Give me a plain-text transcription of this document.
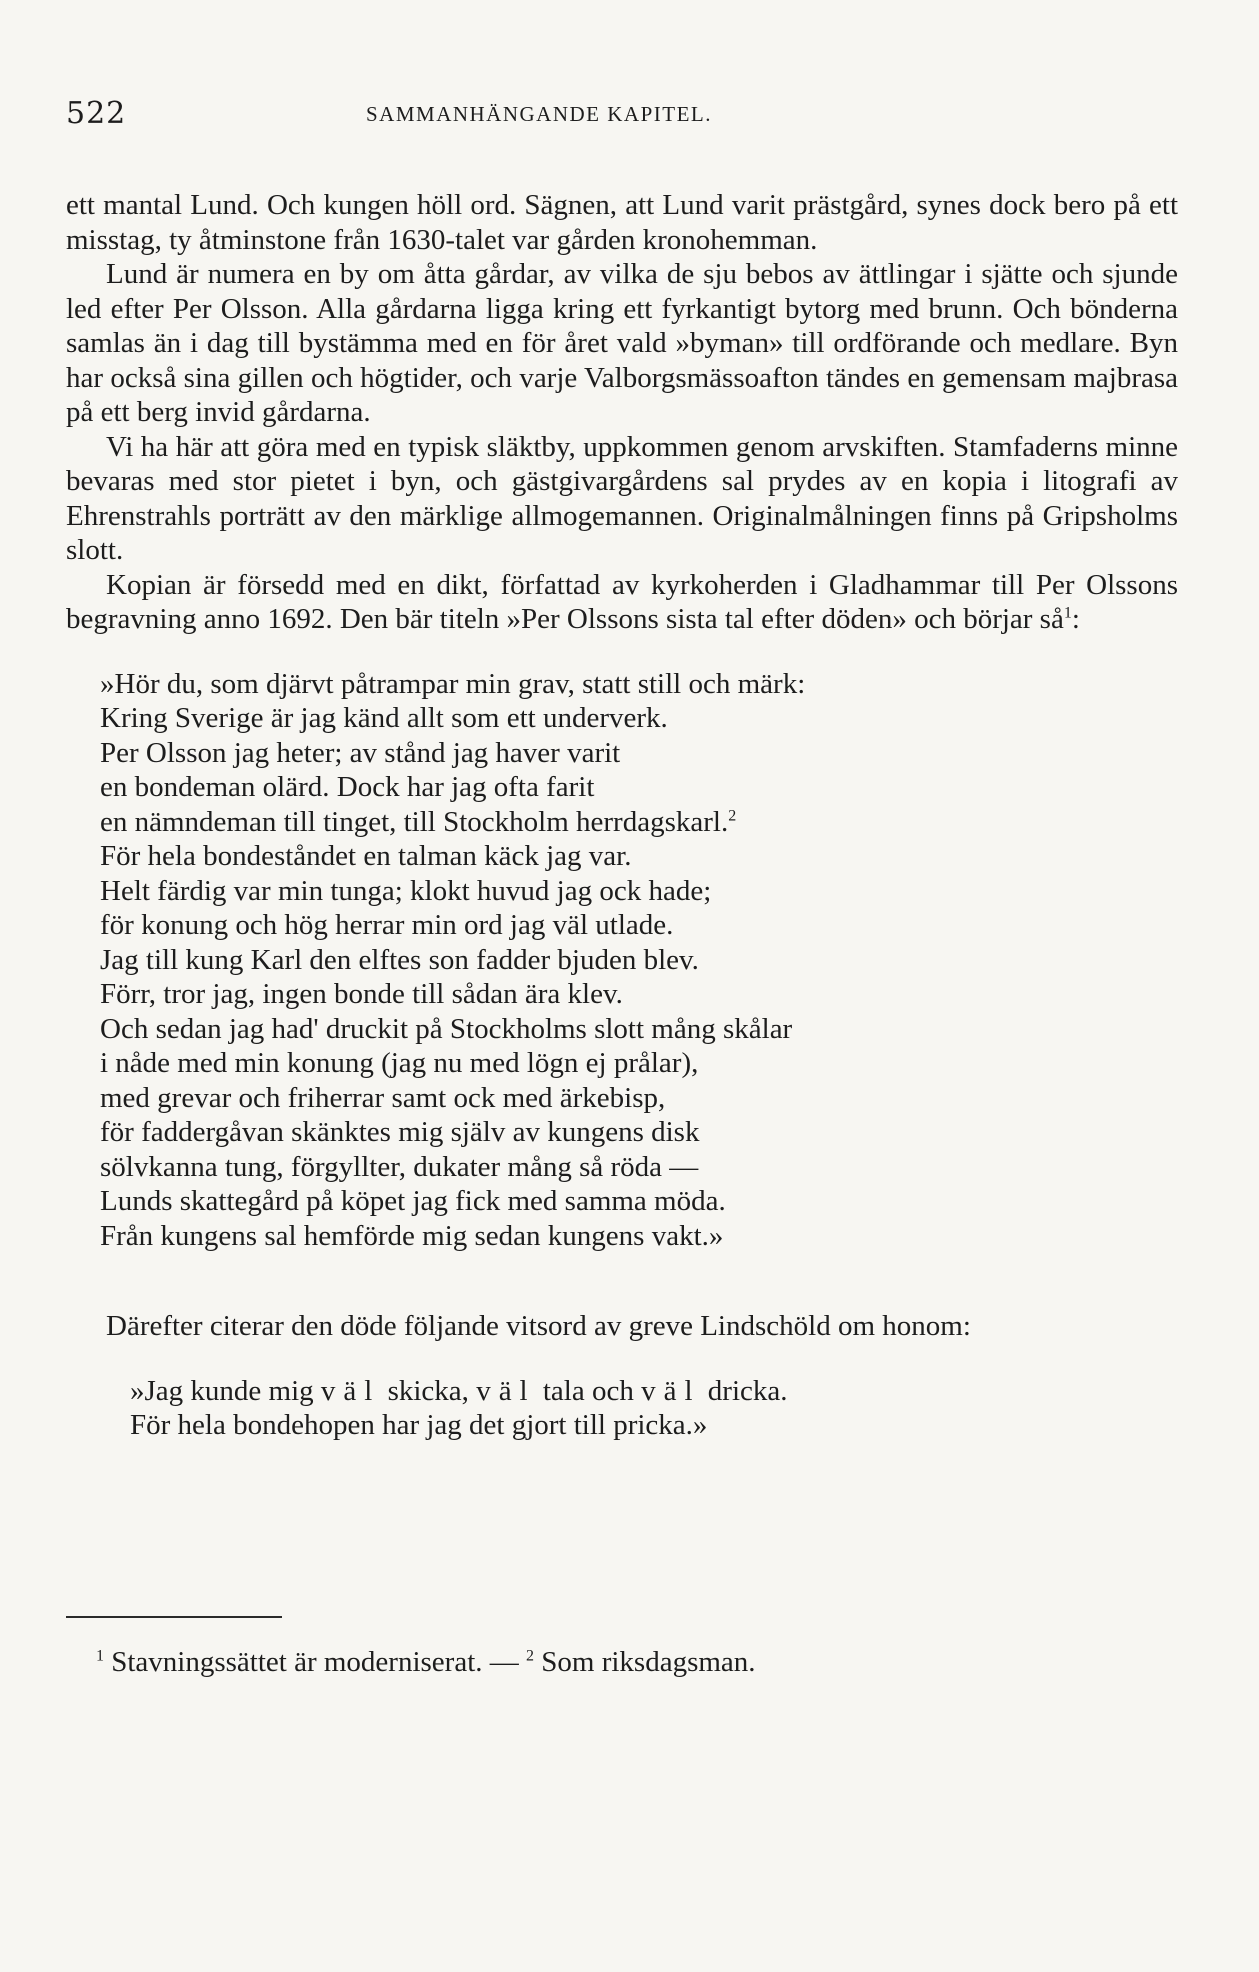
522	SAMMANHÄNGANDE KAPITEL.

ett mantal Lund. Och kungen höll ord. Sägnen, att Lund varit prästgård, synes dock bero på ett misstag, ty åtminstone från 1630-talet var gården kronohemman.

Lund är numera en by om åtta gårdar, av vilka de sju bebos av ättlingar i sjätte och sjunde led efter Per Olsson. Alla gårdarna ligga kring ett fyrkantigt bytorg med brunn. Och bönderna samlas än i dag till bystämma med en för året vald »byman» till ordförande och medlare. Byn har också sina gillen och högtider, och varje Valborgsmässoafton tändes en gemensam majbrasa på ett berg invid gårdarna.

Vi ha här att göra med en typisk släktby, uppkommen genom arvskiften. Stamfaderns minne bevaras med stor pietet i byn, och gästgivargårdens sal prydes av en kopia i litografi av Ehrenstrahls porträtt av den märklige allmogemannen. Originalmålningen finns på Gripsholms slott.

Kopian är försedd med en dikt, författad av kyrkoherden i Gladhammar till Per Olssons begravning anno 1692. Den bär titeln »Per Olssons sista tal efter döden» och börjar $så^1$:

»Hör du, som djärvt påtrampar min grav, statt still och märk:
Kring Sverige är jag känd allt som ett underverk.
Per Olsson jag heter; av stånd jag haver varit
en bondeman olärd. Dock har jag ofta farit
en nämndeman till tinget, till Stockholm herrdagskarl.$^2$
För hela bondeståndet en talman käck jag var.
Helt färdig var min tunga; klokt huvud jag ock hade;
för konung och hög herrar min ord jag väl utlade.
Jag till kung Karl den elftes son fadder bjuden blev.
Förr, tror jag, ingen bonde till sådan ära klev.
Och sedan jag had' druckit på Stockholms slott mång skålar
i nåde med min konung (jag nu med lögn ej prålar),
med grevar och friherrar samt ock med ärkebisp,
för faddergåvan skänktes mig själv av kungens disk
sölvkanna tung, förgyllter, dukater mång så röda —
Lunds skattegård på köpet jag fick med samma möda.
Från kungens sal hemförde mig sedan kungens vakt.»

Därefter citerar den döde följande vitsord av greve Lindschöld om honom:

»Jag kunde mig väl skicka, väl tala och väl dricka.
För hela bondehopen har jag det gjort till pricka.»
$^1$ Stavningssättet är moderniserat. — $^2$ Som riksdagsman.
